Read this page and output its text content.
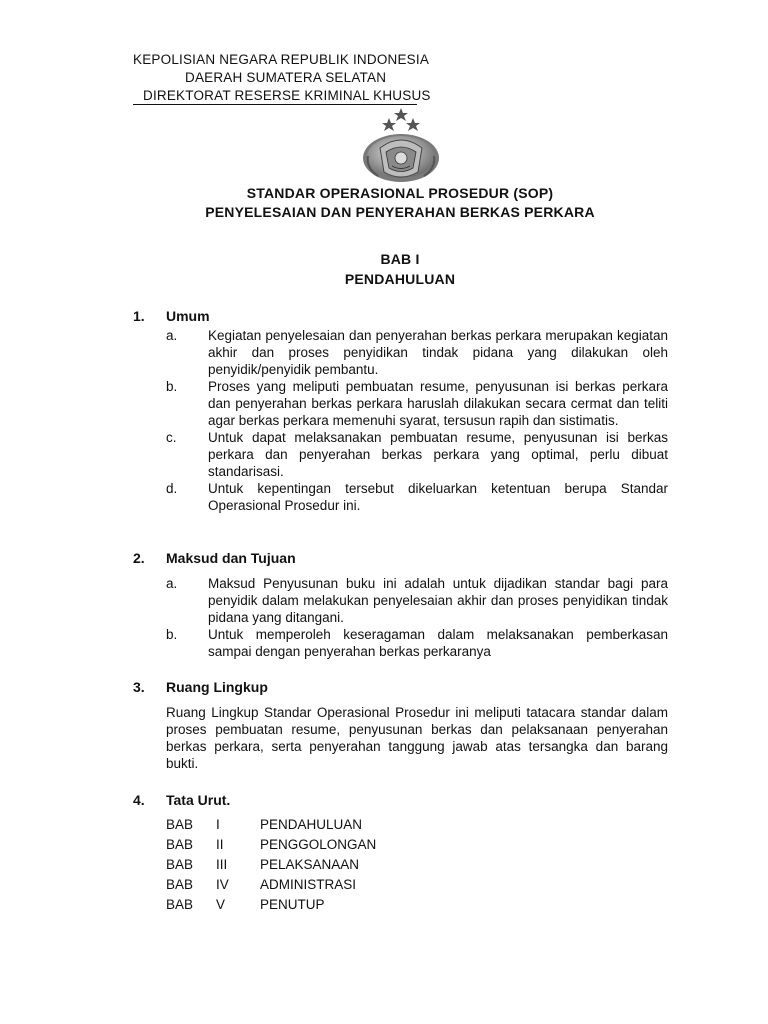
KEPOLISIAN NEGARA REPUBLIK INDONESIA
DAERAH SUMATERA SELATAN
DIREKTORAT RESERSE KRIMINAL KHUSUS
STANDAR OPERASIONAL PROSEDUR (SOP)
PENYELESAIAN DAN PENYERAHAN BERKAS PERKARA
BAB I
PENDAHULUAN
1. Umum
a. Kegiatan penyelesaian dan penyerahan berkas perkara merupakan kegiatan akhir dan proses penyidikan tindak pidana yang dilakukan oleh penyidik/penyidik pembantu.
b. Proses yang meliputi pembuatan resume, penyusunan isi berkas perkara dan penyerahan berkas perkara haruslah dilakukan secara cermat dan teliti agar berkas perkara memenuhi syarat, tersusun rapih dan sistimatis.
c. Untuk dapat melaksanakan pembuatan resume, penyusunan isi berkas perkara dan penyerahan berkas perkara yang optimal, perlu dibuat standarisasi.
d. Untuk kepentingan tersebut dikeluarkan ketentuan berupa Standar Operasional Prosedur ini.
2. Maksud dan Tujuan
a. Maksud Penyusunan buku ini adalah untuk dijadikan standar bagi para penyidik dalam melakukan penyelesaian akhir dan proses penyidikan tindak pidana yang ditangani.
b. Untuk memperoleh keseragaman dalam melaksanakan pemberkasan sampai dengan penyerahan berkas perkaranya
3. Ruang Lingkup
Ruang Lingkup Standar Operasional Prosedur ini meliputi tatacara standar dalam proses pembuatan resume, penyusunan berkas dan pelaksanaan penyerahan berkas perkara, serta penyerahan tanggung jawab atas tersangka dan barang bukti.
4. Tata Urut.
BAB I	PENDAHULUAN
BAB II	PENGGOLONGAN
BAB III PELAKSANAAN
BAB IV ADMINISTRASI
BAB V	PENUTUP
